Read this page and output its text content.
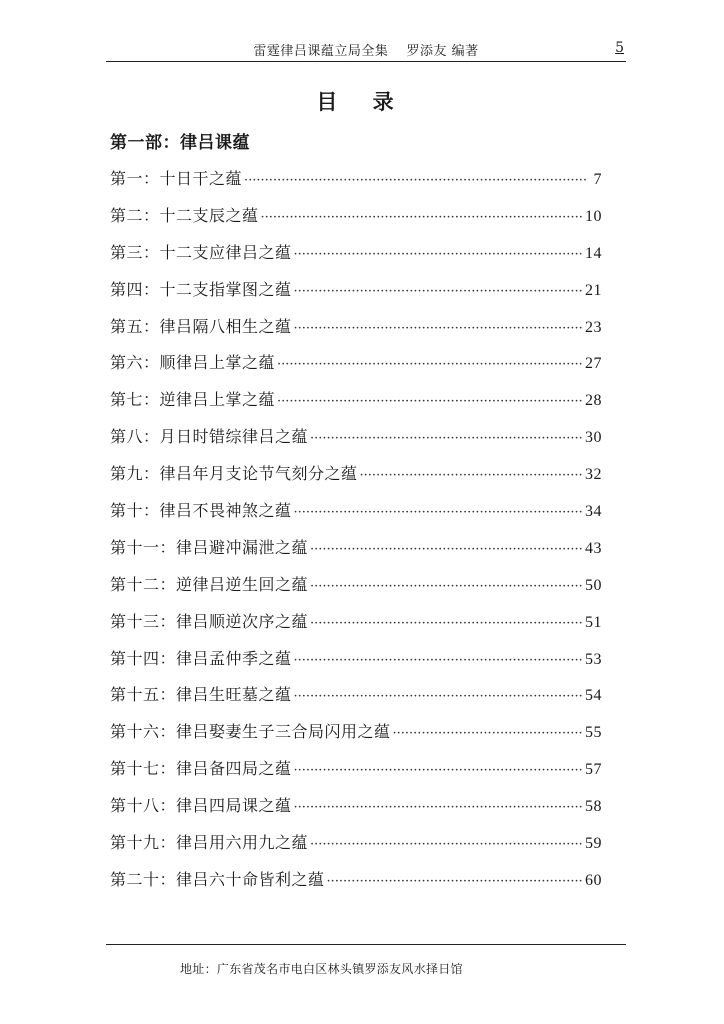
雷霆律吕课蕴立局全集 罗添友 编著	5
目 录
第一部：律吕课蕴
第一：十日干之蕴 ·····	7
第二：十二支辰之蕴 ·····	10
第三：十二支应律吕之蕴 ·····	14
第四：十二支指掌图之蕴 ·····	21
第五：律吕隔八相生之蕴 ·····	23
第六：顺律吕上掌之蕴 ·····	27
第七：逆律吕上掌之蕴 ·····	28
第八：月日时错综律吕之蕴 ·····	30
第九：律吕年月支论节气刻分之蕴 ·····	32
第十：律吕不畏神煞之蕴 ·····	34
第十一：律吕避冲漏泄之蕴 ·····	43
第十二：逆律吕逆生回之蕴 ·····	50
第十三：律吕顺逆次序之蕴 ·····	51
第十四：律吕孟仲季之蕴 ·····	53
第十五：律吕生旺墓之蕴 ·····	54
第十六：律吕娶妻生子三合局闪用之蕴 ·····	55
第十七：律吕备四局之蕴 ·····	57
第十八：律吕四局课之蕴 ·····	58
第十九：律吕用六用九之蕴 ·····	59
第二十：律吕六十命皆利之蕴 ·····	60
地址：广东省茂名市电白区林头镇罗添友风水择日馆
